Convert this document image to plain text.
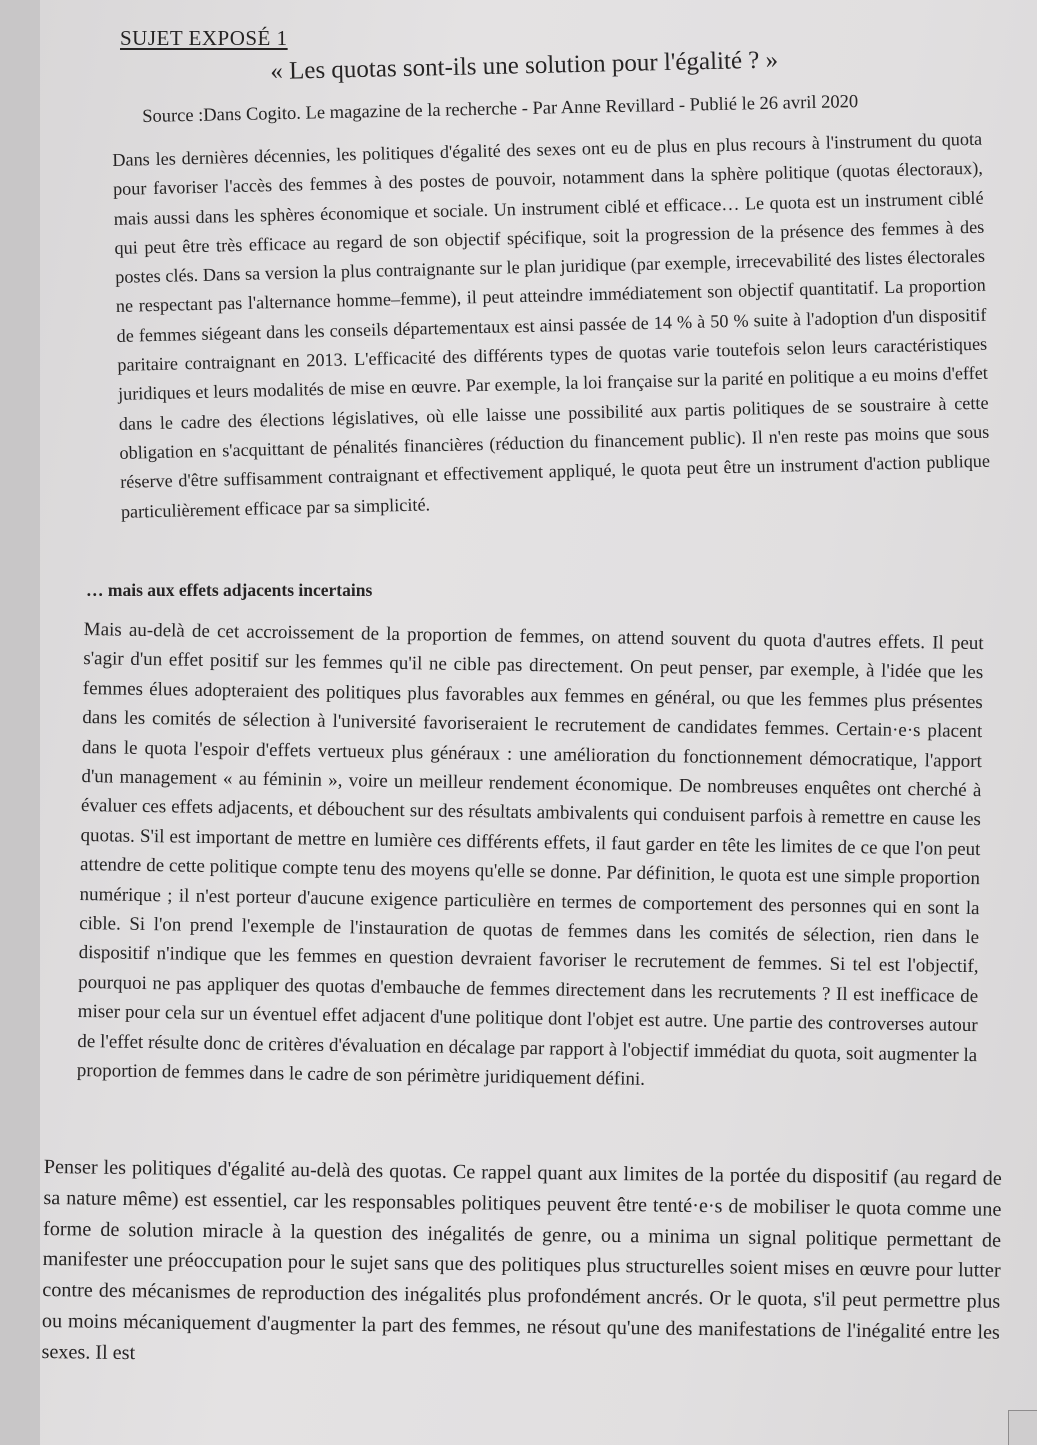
SUJET EXPOSÉ 1
« Les quotas sont-ils une solution pour l'égalité ? »

Source :Dans Cogito. Le magazine de la recherche - Par Anne Revillard - Publié le 26 avril 2020

Dans les dernières décennies, les politiques d'égalité des sexes ont eu de plus en plus recours à l'instrument du quota pour favoriser l'accès des femmes à des postes de pouvoir, notamment dans la sphère politique (quotas électoraux), mais aussi dans les sphères économique et sociale. Un instrument ciblé et efficace… Le quota est un instrument ciblé qui peut être très efficace au regard de son objectif spécifique, soit la progression de la présence des femmes à des postes clés. Dans sa version la plus contraignante sur le plan juridique (par exemple, irrecevabilité des listes électorales ne respectant pas l'alternance homme–femme), il peut atteindre immédiatement son objectif quantitatif. La proportion de femmes siégeant dans les conseils départementaux est ainsi passée de 14 % à 50 % suite à l'adoption d'un dispositif paritaire contraignant en 2013. L'efficacité des différents types de quotas varie toutefois selon leurs caractéristiques juridiques et leurs modalités de mise en œuvre. Par exemple, la loi française sur la parité en politique a eu moins d'effet dans le cadre des élections législatives, où elle laisse une possibilité aux partis politiques de se soustraire à cette obligation en s'acquittant de pénalités financières (réduction du financement public). Il n'en reste pas moins que sous réserve d'être suffisamment contraignant et effectivement appliqué, le quota peut être un instrument d'action publique particulièrement efficace par sa simplicité.

… mais aux effets adjacents incertains

Mais au-delà de cet accroissement de la proportion de femmes, on attend souvent du quota d'autres effets. Il peut s'agir d'un effet positif sur les femmes qu'il ne cible pas directement. On peut penser, par exemple, à l'idée que les femmes élues adopteraient des politiques plus favorables aux femmes en général, ou que les femmes plus présentes dans les comités de sélection à l'université favoriseraient le recrutement de candidates femmes. Certain·e·s placent dans le quota l'espoir d'effets vertueux plus généraux : une amélioration du fonctionnement démocratique, l'apport d'un management « au féminin », voire un meilleur rendement économique. De nombreuses enquêtes ont cherché à évaluer ces effets adjacents, et débouchent sur des résultats ambivalents qui conduisent parfois à remettre en cause les quotas. S'il est important de mettre en lumière ces différents effets, il faut garder en tête les limites de ce que l'on peut attendre de cette politique compte tenu des moyens qu'elle se donne. Par définition, le quota est une simple proportion numérique ; il n'est porteur d'aucune exigence particulière en termes de comportement des personnes qui en sont la cible. Si l'on prend l'exemple de l'instauration de quotas de femmes dans les comités de sélection, rien dans le dispositif n'indique que les femmes en question devraient favoriser le recrutement de femmes. Si tel est l'objectif, pourquoi ne pas appliquer des quotas d'embauche de femmes directement dans les recrutements ? Il est inefficace de miser pour cela sur un éventuel effet adjacent d'une politique dont l'objet est autre. Une partie des controverses autour de l'effet résulte donc de critères d'évaluation en décalage par rapport à l'objectif immédiat du quota, soit augmenter la proportion de femmes dans le cadre de son périmètre juridiquement défini.

Penser les politiques d'égalité au-delà des quotas. Ce rappel quant aux limites de la portée du dispositif (au regard de sa nature même) est essentiel, car les responsables politiques peuvent être tenté·e·s de mobiliser le quota comme une forme de solution miracle à la question des inégalités de genre, ou a minima un signal politique permettant de manifester une préoccupation pour le sujet sans que des politiques plus structurelles soient mises en œuvre pour lutter contre des mécanismes de reproduction des inégalités plus profondément ancrés. Or le quota, s'il peut permettre plus ou moins mécaniquement d'augmenter la part des femmes, ne résout qu'une des manifestations de l'inégalité entre les sexes. Il est
